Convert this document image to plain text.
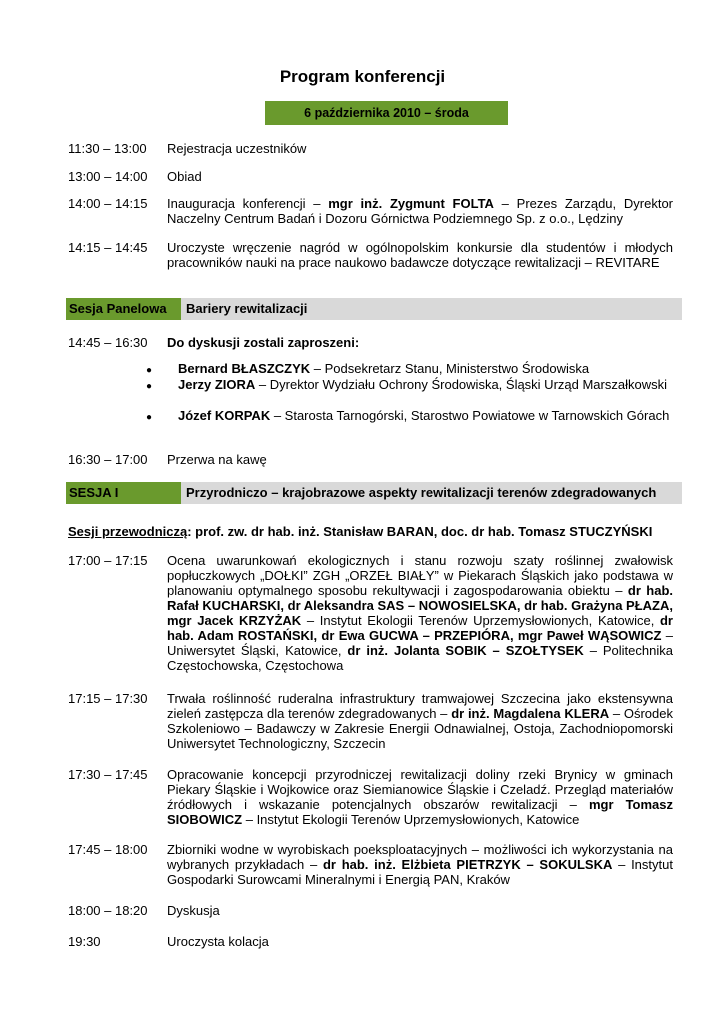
Program konferencji
6 października 2010 – środa
11:30 – 13:00	Rejestracja uczestników
13:00 – 14:00	Obiad
14:00 – 14:15	Inauguracja konferencji – mgr inż. Zygmunt FOLTA – Prezes Zarządu, Dyrektor Naczelny Centrum Badań i Dozoru Górnictwa Podziemnego Sp. z o.o., Lędziny
14:15 – 14:45	Uroczyste wręczenie nagród w ogólnopolskim konkursie dla studentów i młodych pracowników nauki na prace naukowo badawcze dotyczące rewitalizacji – REVITARE
Sesja Panelowa	Bariery rewitalizacji
14:45 – 16:30	Do dyskusji zostali zaproszeni:
● Bernard BŁASZCZYK – Podsekretarz Stanu, Ministerstwo Środowiska
● Jerzy ZIORA – Dyrektor Wydziału Ochrony Środowiska, Śląski Urząd Marszałkowski
● Józef KORPAK – Starosta Tarnogórski, Starostwo Powiatowe w Tarnowskich Górach
16:30 – 17:00	Przerwa na kawę
SESJA I	Przyrodniczo – krajobrazowe aspekty rewitalizacji terenów zdegradowanych
Sesji przewodniczą: prof. zw. dr hab. inż. Stanisław BARAN, doc. dr hab. Tomasz STUCZYŃSKI
17:00 – 17:15	Ocena uwarunkowań ekologicznych i stanu rozwoju szaty roślinnej zwałowisk popłuczkowych „DOŁKI” ZGH „ORZEŁ BIAŁY” w Piekarach Śląskich jako podstawa w planowaniu optymalnego sposobu rekultywacji i zagospodarowania obiektu – dr hab. Rafał KUCHARSKI, dr Aleksandra SAS – NOWOSIELSKA, dr hab. Grażyna PŁAZA, mgr Jacek KRZYŻAK – Instytut Ekologii Terenów Uprzemysłowionych, Katowice, dr hab. Adam ROSTAŃSKI, dr Ewa GUCWA – PRZEPIÓRA, mgr Paweł WĄSOWICZ – Uniwersytet Śląski, Katowice, dr inż. Jolanta SOBIK – SZOŁTYSEK – Politechnika Częstochowska, Częstochowa
17:15 – 17:30	Trwała roślinność ruderalna infrastruktury tramwajowej Szczecina jako ekstensywna zieleń zastępcza dla terenów zdegradowanych – dr inż. Magdalena KLERA – Ośrodek Szkoleniowo – Badawczy w Zakresie Energii Odnawialnej, Ostoja, Zachodniopomorski Uniwersytet Technologiczny, Szczecin
17:30 – 17:45	Opracowanie koncepcji przyrodniczej rewitalizacji doliny rzeki Brynicy w gminach Piekary Śląskie i Wojkowice oraz Siemianowice Śląskie i Czeladź. Przegląd materiałów źródłowych i wskazanie potencjalnych obszarów rewitalizacji – mgr Tomasz SIOBOWICZ – Instytut Ekologii Terenów Uprzemysłowionych, Katowice
17:45 – 18:00	Zbiorniki wodne w wyrobiskach poeksploatacyjnych – możliwości ich wykorzystania na wybranych przykładach – dr hab. inż. Elżbieta PIETRZYK – SOKULSKA – Instytut Gospodarki Surowcami Mineralnymi i Energią PAN, Kraków
18:00 – 18:20	Dyskusja
19:30	Uroczysta kolacja
